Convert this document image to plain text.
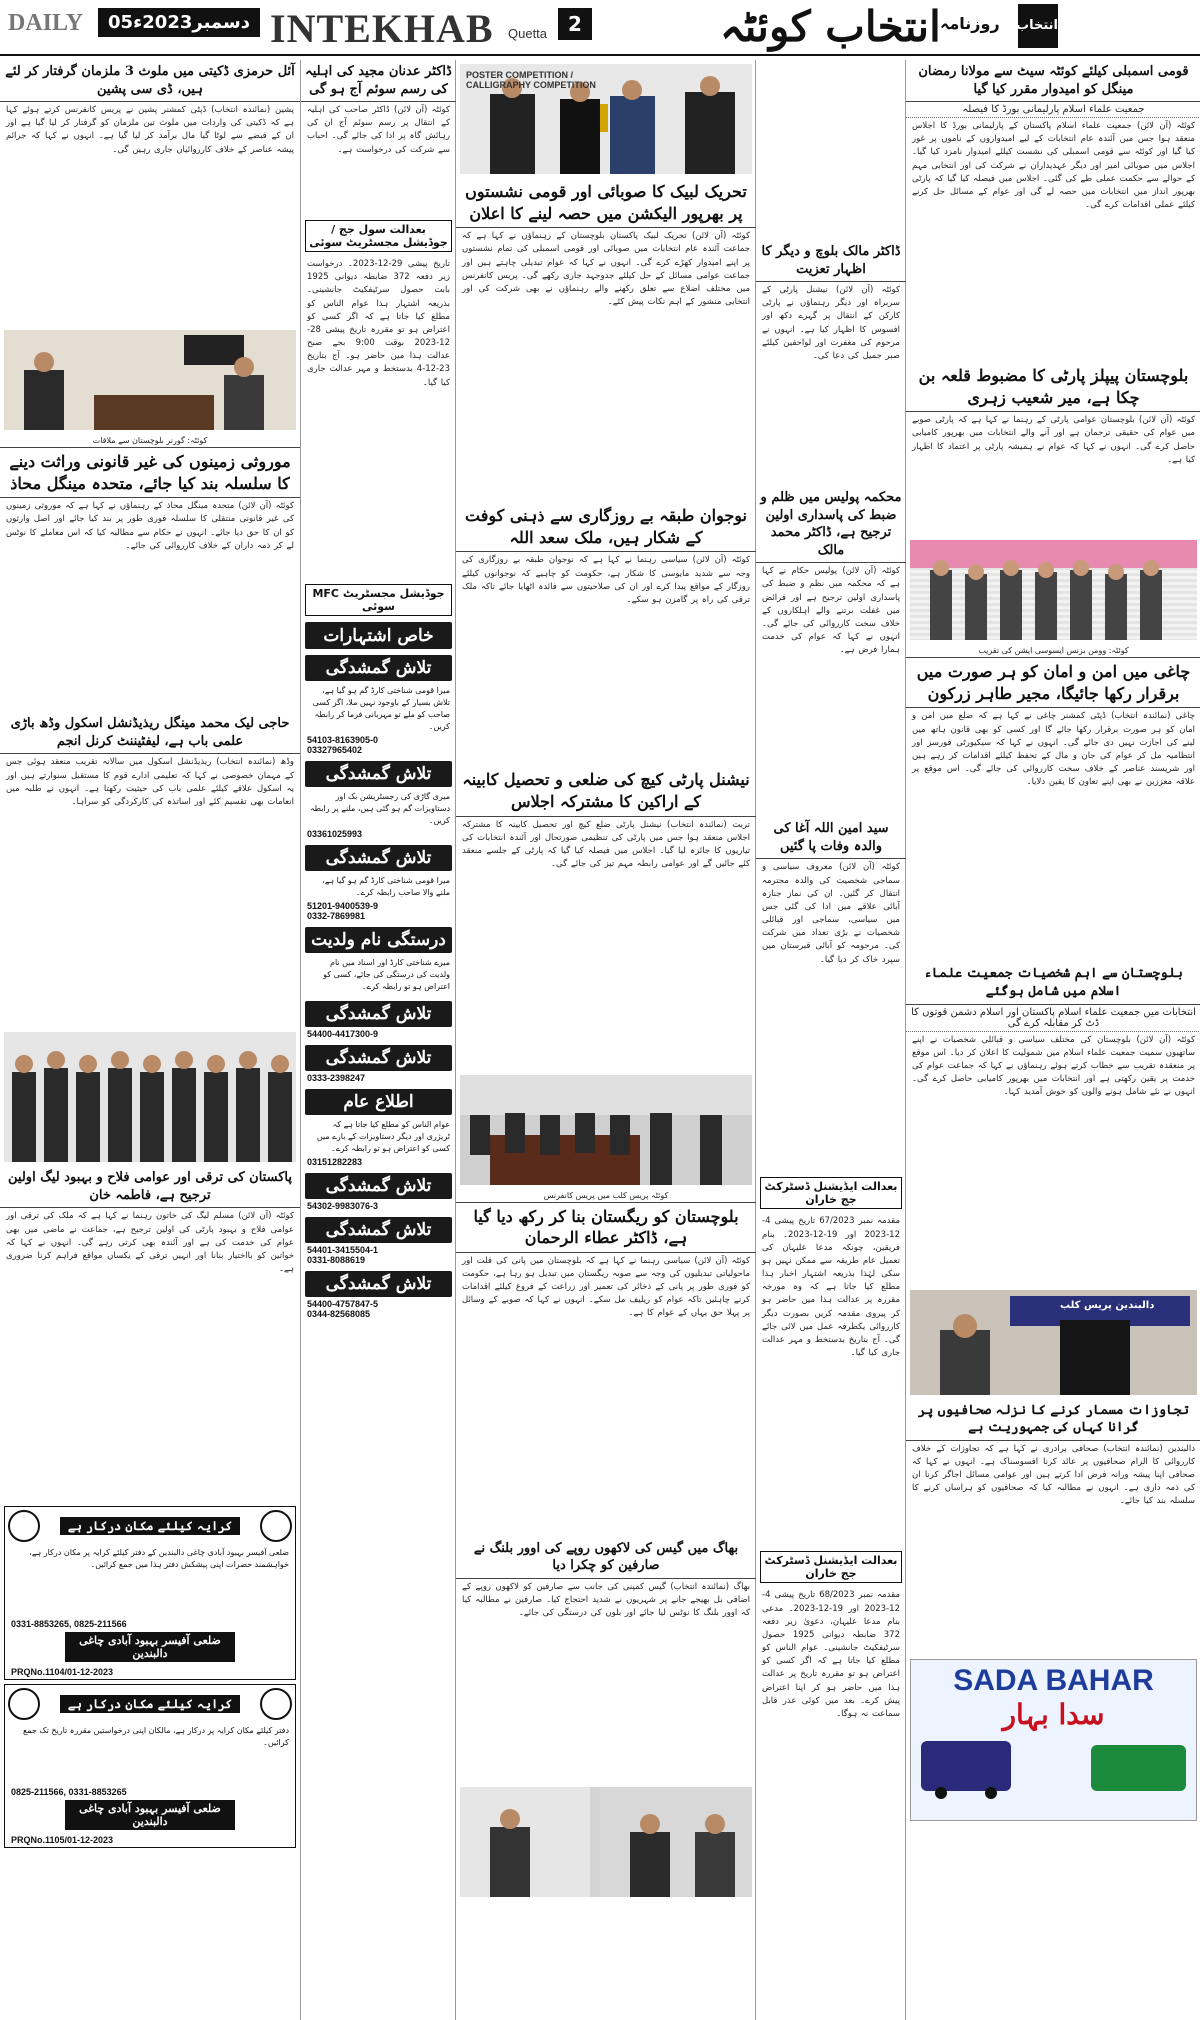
DAILY	05دسمبر2023ء INTEKHAB Quetta	2	انتخاب کوئٹہ روزنامہ انتخاب
قومی اسمبلی کیلئے کوئٹہ سیٹ سے مولانا رمضان مینگل کو امیدوار مقرر کیا گیا
جمعیت علماء اسلام پارلیمانی بورڈ کا فیصلہ
کوئٹہ (آن لائن) جمعیت علماء اسلام پاکستان کے پارلیمانی بورڈ کا اجلاس منعقد ہوا جس میں آئندہ عام انتخابات کے لیے امیدواروں کے ناموں پر غور کیا گیا اور کوئٹہ سے قومی اسمبلی کی نشست کیلئے امیدوار نامزد کیا گیا۔ اجلاس میں صوبائی امیر اور دیگر عہدیداران نے شرکت کی اور انتخابی مہم کے حوالے سے حکمت عملی طے کی گئی۔ اجلاس میں فیصلہ کیا گیا کہ پارٹی بھرپور انداز میں انتخابات میں حصہ لے گی اور عوام کے مسائل حل کرنے کیلئے عملی اقدامات کرے گی۔
بلوچستان پیپلز پارٹی کا مضبوط قلعہ بن چکا ہے، میر شعیب زہری
کوئٹہ (آن لائن) بلوچستان عوامی پارٹی کے رہنما نے کہا ہے کہ پارٹی صوبے میں عوام کی حقیقی ترجمان ہے اور آنے والے انتخابات میں بھرپور کامیابی حاصل کرے گی۔ انہوں نے کہا کہ عوام نے ہمیشہ پارٹی پر اعتماد کا اظہار کیا ہے۔
کوئٹہ: وومن بزنس ایسوسی ایشن کی تقریب
چاغی میں امن و امان کو ہر صورت میں برقرار رکھا جائیگا، مجیر طاہر زرکون
چاغی (نمائندہ انتخاب) ڈپٹی کمشنر چاغی نے کہا ہے کہ ضلع میں امن و امان کو ہر صورت برقرار رکھا جائے گا اور کسی کو بھی قانون ہاتھ میں لینے کی اجازت نہیں دی جائے گی۔ انہوں نے کہا کہ سیکیورٹی فورسز اور انتظامیہ مل کر عوام کی جان و مال کے تحفظ کیلئے اقدامات کر رہے ہیں اور شرپسند عناصر کے خلاف سخت کارروائی کی جائے گی۔ اس موقع پر علاقہ معززین نے بھی اپنے تعاون کا یقین دلایا۔
بلوچستان سے اہم شخصیات جمعیت علماء اسلام میں شامل ہوگئے
انتخابات میں جمعیت علماء اسلام پاکستان اور اسلام دشمن قوتوں کا ڈٹ کر مقابلہ کرے گی
کوئٹہ (آن لائن) بلوچستان کی مختلف سیاسی و قبائلی شخصیات نے اپنے ساتھیوں سمیت جمعیت علماء اسلام میں شمولیت کا اعلان کر دیا۔ اس موقع پر منعقدہ تقریب سے خطاب کرتے ہوئے رہنماؤں نے کہا کہ جماعت عوام کی خدمت پر یقین رکھتی ہے اور انتخابات میں بھرپور کامیابی حاصل کرے گی۔ انہوں نے نئے شامل ہونے والوں کو خوش آمدید کہا۔
دالبندین پریس کلب
تجاوزات مسمار کرنے کا نزلہ صحافیوں پر گرانا کہاں کی جمہوریت ہے
دالبندین (نمائندہ انتخاب) صحافی برادری نے کہا ہے کہ تجاوزات کے خلاف کارروائی کا الزام صحافیوں پر عائد کرنا افسوسناک ہے۔ انہوں نے کہا کہ صحافی اپنا پیشہ ورانہ فرض ادا کرتے ہیں اور عوامی مسائل اجاگر کرنا ان کی ذمہ داری ہے۔ انہوں نے مطالبہ کیا کہ صحافیوں کو ہراساں کرنے کا سلسلہ بند کیا جائے۔
SADA BAHAR
سدا بہار
ڈاکٹر مالک بلوچ و دیگر کا اظہار تعزیت
کوئٹہ (آن لائن) نیشنل پارٹی کے سربراہ اور دیگر رہنماؤں نے پارٹی کارکن کے انتقال پر گہرے دکھ اور افسوس کا اظہار کیا ہے۔ انہوں نے مرحوم کی مغفرت اور لواحقین کیلئے صبر جمیل کی دعا کی۔
محکمہ پولیس میں ظلم و ضبط کی پاسداری اولین ترجیح ہے، ڈاکٹر محمد مالک
کوئٹہ (آن لائن) پولیس حکام نے کہا ہے کہ محکمہ میں نظم و ضبط کی پاسداری اولین ترجیح ہے اور فرائض میں غفلت برتنے والے اہلکاروں کے خلاف سخت کارروائی کی جائے گی۔ انہوں نے کہا کہ عوام کی خدمت ہمارا فرض ہے۔
سید امین اللہ آغا کی والدہ وفات پا گئیں
کوئٹہ (آن لائن) معروف سیاسی و سماجی شخصیت کی والدہ محترمہ انتقال کر گئیں۔ ان کی نماز جنازہ آبائی علاقے میں ادا کی گئی جس میں سیاسی، سماجی اور قبائلی شخصیات نے بڑی تعداد میں شرکت کی۔ مرحومہ کو آبائی قبرستان میں سپرد خاک کر دیا گیا۔
بعدالت ایڈیشنل ڈسٹرکٹ جج خاران
مقدمہ نمبر 67/2023 تاریخ پیشی 4-12-2023 اور 19-12-2023۔ بنام فریقین، چونکہ مدعا علیہان کی تعمیل عام طریقہ سے ممکن نہیں ہو سکی لہٰذا بذریعہ اشتہار اخبار ہذا مطلع کیا جاتا ہے کہ وہ مورخہ مقررہ پر عدالت ہذا میں حاضر ہو کر پیروی مقدمہ کریں بصورت دیگر کارروائی یکطرفہ عمل میں لائی جائے گی۔ آج بتاریخ بدستخط و مہر عدالت جاری کیا گیا۔
بعدالت ایڈیشنل ڈسٹرکٹ جج خاران
مقدمہ نمبر 68/2023 تاریخ پیشی 4-12-2023 اور 19-12-2023۔ مدعی بنام مدعا علیہان، دعویٰ زیر دفعہ 372 ضابطہ دیوانی 1925 حصول سرٹیفکیٹ جانشینی۔ عوام الناس کو مطلع کیا جاتا ہے کہ اگر کسی کو اعتراض ہو تو مقررہ تاریخ پر عدالت ہذا میں حاضر ہو کر اپنا اعتراض پیش کرے۔ بعد میں کوئی عذر قابل سماعت نہ ہوگا۔
POSTER COMPETITION / CALLIGRAPHY COMPETITION
تحریک لبیک کا صوبائی اور قومی نشستوں پر بھرپور الیکشن میں حصہ لینے کا اعلان
کوئٹہ (آن لائن) تحریک لبیک پاکستان بلوچستان کے رہنماؤں نے کہا ہے کہ جماعت آئندہ عام انتخابات میں صوبائی اور قومی اسمبلی کی تمام نشستوں پر اپنے امیدوار کھڑے کرے گی۔ انہوں نے کہا کہ عوام تبدیلی چاہتے ہیں اور جماعت عوامی مسائل کے حل کیلئے جدوجہد جاری رکھے گی۔ پریس کانفرنس میں مختلف اضلاع سے تعلق رکھنے والے رہنماؤں نے بھی شرکت کی اور انتخابی منشور کے اہم نکات پیش کئے۔
نوجوان طبقہ بے روزگاری سے ذہنی کوفت کے شکار ہیں، ملک سعد اللہ
کوئٹہ (آن لائن) سیاسی رہنما نے کہا ہے کہ نوجوان طبقہ بے روزگاری کی وجہ سے شدید مایوسی کا شکار ہے، حکومت کو چاہیے کہ نوجوانوں کیلئے روزگار کے مواقع پیدا کرے اور ان کی صلاحیتوں سے فائدہ اٹھایا جائے تاکہ ملک ترقی کی راہ پر گامزن ہو سکے۔
نیشنل پارٹی کیچ کی ضلعی و تحصیل کابینہ کے اراکین کا مشترکہ اجلاس
تربت (نمائندہ انتخاب) نیشنل پارٹی ضلع کیچ اور تحصیل کابینہ کا مشترکہ اجلاس منعقد ہوا جس میں پارٹی کی تنظیمی صورتحال اور آئندہ انتخابات کی تیاریوں کا جائزہ لیا گیا۔ اجلاس میں فیصلہ کیا گیا کہ پارٹی کے جلسے منعقد کئے جائیں گے اور عوامی رابطہ مہم تیز کی جائے گی۔
کوئٹہ پریس کلب میں پریس کانفرنس
بلوچستان کو ریگستان بنا کر رکھ دیا گیا ہے، ڈاکٹر عطاء الرحمان
کوئٹہ (آن لائن) سیاسی رہنما نے کہا ہے کہ بلوچستان میں پانی کی قلت اور ماحولیاتی تبدیلیوں کی وجہ سے صوبہ ریگستان میں تبدیل ہو رہا ہے، حکومت کو فوری طور پر پانی کے ذخائر کی تعمیر اور زراعت کے فروغ کیلئے اقدامات کرنے چاہئیں تاکہ عوام کو ریلیف مل سکے۔ انہوں نے کہا کہ صوبے کے وسائل پر پہلا حق یہاں کے عوام کا ہے۔
بھاگ میں گیس کی لاکھوں روپے کی اوور بلنگ نے صارفین کو چکرا دیا
بھاگ (نمائندہ انتخاب) گیس کمپنی کی جانب سے صارفین کو لاکھوں روپے کے اضافی بل بھیجے جانے پر شہریوں نے شدید احتجاج کیا۔ صارفین نے مطالبہ کیا کہ اوور بلنگ کا نوٹس لیا جائے اور بلوں کی درستگی کی جائے۔
ڈاکٹر عدنان مجید کی اہلیہ کی رسم سوئم آج ہو گی
کوئٹہ (آن لائن) ڈاکٹر صاحب کی اہلیہ کے انتقال پر رسم سوئم آج ان کی رہائش گاہ پر ادا کی جائے گی۔ احباب سے شرکت کی درخواست ہے۔
بعدالت سول جج / جوڈیشل مجسٹریٹ سوئی
تاریخ پیشی 29-12-2023۔ درخواست زیر دفعہ 372 ضابطہ دیوانی 1925 بابت حصول سرٹیفکیٹ جانشینی۔ بذریعہ اشتہار ہذا عوام الناس کو مطلع کیا جاتا ہے کہ اگر کسی کو اعتراض ہو تو مقررہ تاریخ پیشی 28-12-2023 بوقت 9:00 بجے صبح عدالت ہذا میں حاضر ہو۔ آج بتاریخ 23-12-4 بدستخط و مہر عدالت جاری کیا گیا۔
جوڈیشل مجسٹریٹ MFC سوئی
خاص اشتہارات
تلاش گمشدگی
میرا قومی شناختی کارڈ گم ہو گیا ہے، تلاش بسیار کے باوجود نہیں ملا، اگر کسی صاحب کو ملے تو مہربانی فرما کر رابطہ کریں۔
54103-8163905-0
03327965402
تلاش گمشدگی
میری گاڑی کی رجسٹریشن بک اور دستاویزات گم ہو گئی ہیں، ملنے پر رابطہ کریں۔
03361025993
تلاش گمشدگی
میرا قومی شناختی کارڈ گم ہو گیا ہے، ملنے والا صاحب رابطہ کرے۔
51201-9400539-9
0332-7869981
درستگی نام ولدیت
میرے شناختی کارڈ اور اسناد میں نام ولدیت کی درستگی کی جائے، کسی کو اعتراض ہو تو رابطہ کرے۔
تلاش گمشدگی
54400-4417300-9
تلاش گمشدگی
0333-2398247
اطلاع عام
عوام الناس کو مطلع کیا جاتا ہے کہ ٹریژری اور دیگر دستاویزات کے بارے میں کسی کو اعتراض ہو تو رابطہ کرے۔
03151282283
تلاش گمشدگی
54302-9983076-3
تلاش گمشدگی
54401-3415504-1
0331-8088619
تلاش گمشدگی
54400-4757847-5
0344-82568085
آئل حرمزی ڈکیتی میں ملوث 3 ملزمان گرفتار کر لئے ہیں، ڈی سی پشین
پشین (نمائندہ انتخاب) ڈپٹی کمشنر پشین نے پریس کانفرنس کرتے ہوئے کہا ہے کہ ڈکیتی کی واردات میں ملوث تین ملزمان کو گرفتار کر لیا گیا ہے اور ان کے قبضے سے لوٹا گیا مال برآمد کر لیا گیا ہے۔ انہوں نے کہا کہ جرائم پیشہ عناصر کے خلاف کارروائیاں جاری رہیں گی۔
کوئٹہ: گورنر بلوچستان سے ملاقات
موروثی زمینوں کی غیر قانونی وراثت دینے کا سلسلہ بند کیا جائے، متحدہ مینگل محاذ
کوئٹہ (آن لائن) متحدہ مینگل محاذ کے رہنماؤں نے کہا ہے کہ موروثی زمینوں کی غیر قانونی منتقلی کا سلسلہ فوری طور پر بند کیا جائے اور اصل وارثوں کو ان کا حق دیا جائے۔ انہوں نے حکام سے مطالبہ کیا کہ اس معاملے کا نوٹس لے کر ذمہ داران کے خلاف کارروائی کی جائے۔
حاجی لیک محمد مینگل ریذیڈنشل اسکول وڈھ باڑی علمی باب ہے، لیفٹیننٹ کرنل انجم
وڈھ (نمائندہ انتخاب) ریذیڈنشل اسکول میں سالانہ تقریب منعقد ہوئی جس کے مہمان خصوصی نے کہا کہ تعلیمی ادارے قوم کا مستقبل سنوارتے ہیں اور یہ اسکول علاقے کیلئے علمی باب کی حیثیت رکھتا ہے۔ انہوں نے طلبہ میں انعامات بھی تقسیم کئے اور اساتذہ کی کارکردگی کو سراہا۔
پاکستان کی ترقی اور عوامی فلاح و بہبود لیگ اولین ترجیح ہے، فاطمہ خان
کوئٹہ (آن لائن) مسلم لیگ کی خاتون رہنما نے کہا ہے کہ ملک کی ترقی اور عوامی فلاح و بہبود پارٹی کی اولین ترجیح ہے، جماعت نے ماضی میں بھی عوام کی خدمت کی ہے اور آئندہ بھی کرتی رہے گی۔ انہوں نے کہا کہ خواتین کو بااختیار بنانا اور انہیں ترقی کے یکساں مواقع فراہم کرنا ضروری ہے۔
کرایہ کیلئے مکان درکار ہے
ضلعی آفیسر بہبود آبادی چاغی دالبندین کے دفتر کیلئے کرایہ پر مکان درکار ہے، خواہشمند حضرات اپنی پیشکش دفتر ہذا میں جمع کرائیں۔
0331-8853265, 0825-211566
ضلعی آفیسر بہبود آبادی چاغی دالبندین
PRQNo.1104/01-12-2023
کرایہ کیلئے مکان درکار ہے
دفتر کیلئے مکان کرایہ پر درکار ہے، مالکان اپنی درخواستیں مقررہ تاریخ تک جمع کرائیں۔
0825-211566, 0331-8853265
ضلعی آفیسر بہبود آبادی چاغی دالبندین
PRQNo.1105/01-12-2023
